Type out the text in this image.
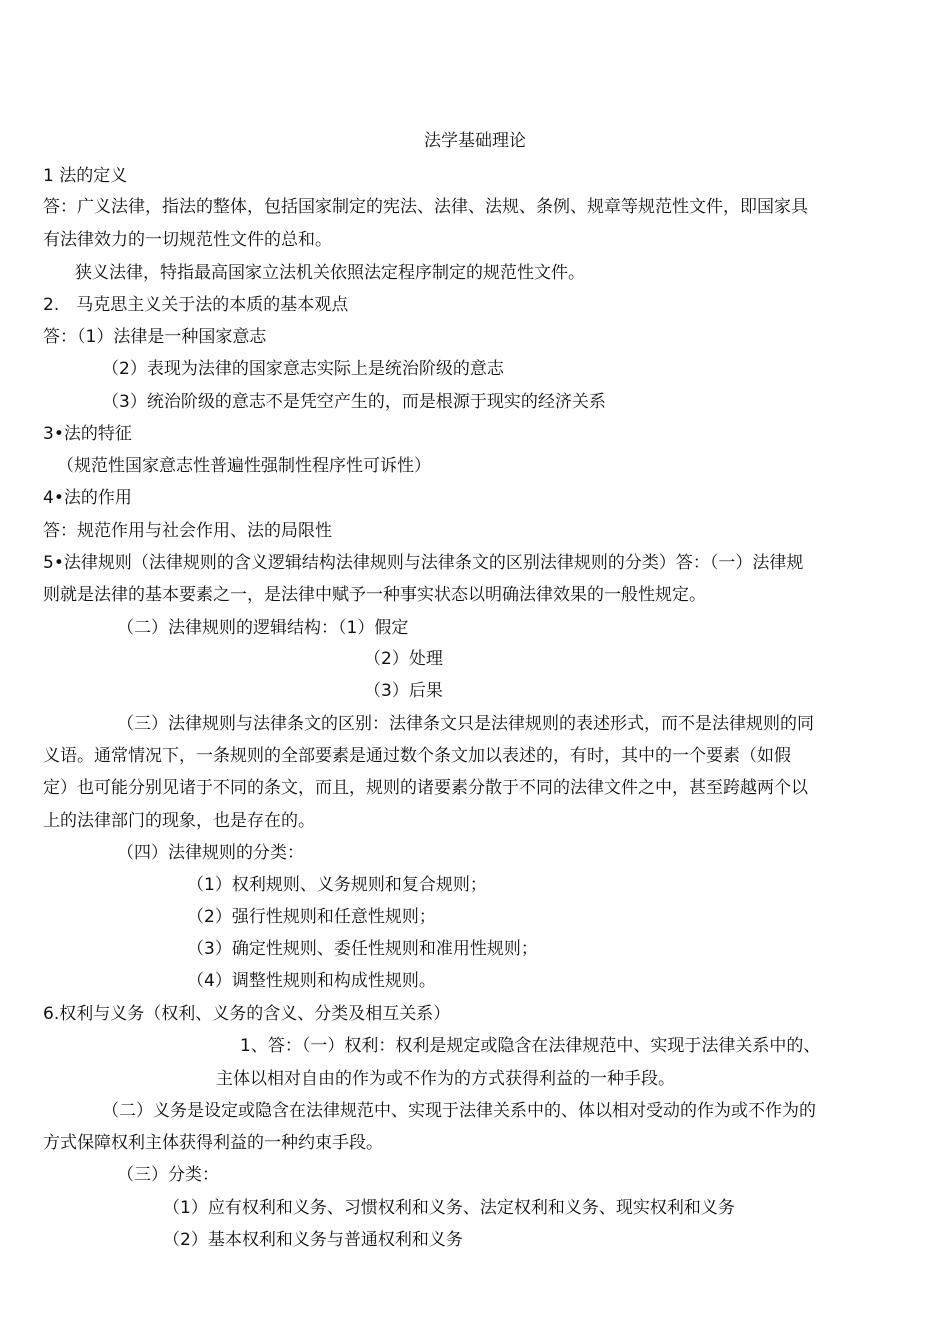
法学基础理论
1 法的定义
答：广义法律，指法的整体，包括国家制定的宪法、法律、法规、条例、规章等规范性文件，即国家具
有法律效力的一切规范性文件的总和。
狭义法律，特指最高国家立法机关依照法定程序制定的规范性文件。
2.　马克思主义关于法的本质的基本观点
答：（1）法律是一种国家意志
（2）表现为法律的国家意志实际上是统治阶级的意志
（3）统治阶级的意志不是凭空产生的，而是根源于现实的经济关系
3•法的特征
（规范性国家意志性普遍性强制性程序性可诉性）
4•法的作用
答：规范作用与社会作用、法的局限性
5•法律规则（法律规则的含义逻辑结构法律规则与法律条文的区别法律规则的分类）答：（一）法律规
则就是法律的基本要素之一，是法律中赋予一种事实状态以明确法律效果的一般性规定。
（二）法律规则的逻辑结构：（1）假定
（2）处理
（3）后果
（三）法律规则与法律条文的区别：法律条文只是法律规则的表述形式，而不是法律规则的同
义语。通常情况下，一条规则的全部要素是通过数个条文加以表述的，有时，其中的一个要素（如假
定）也可能分别见诸于不同的条文，而且，规则的诸要素分散于不同的法律文件之中，甚至跨越两个以
上的法律部门的现象，也是存在的。
（四）法律规则的分类：
（1）权利规则、义务规则和复合规则；
（2）强行性规则和任意性规则；
（3）确定性规则、委任性规则和准用性规则；
（4）调整性规则和构成性规则。
6.权利与义务（权利、义务的含义、分类及相互关系）
1、答：（一）权利：权利是规定或隐含在法律规范中、实现于法律关系中的、
主体以相对自由的作为或不作为的方式获得利益的一种手段。
（二）义务是设定或隐含在法律规范中、实现于法律关系中的、体以相对受动的作为或不作为的
方式保障权利主体获得利益的一种约束手段。
（三）分类：
（1）应有权利和义务、习惯权利和义务、法定权利和义务、现实权利和义务
（2）基本权利和义务与普通权利和义务
